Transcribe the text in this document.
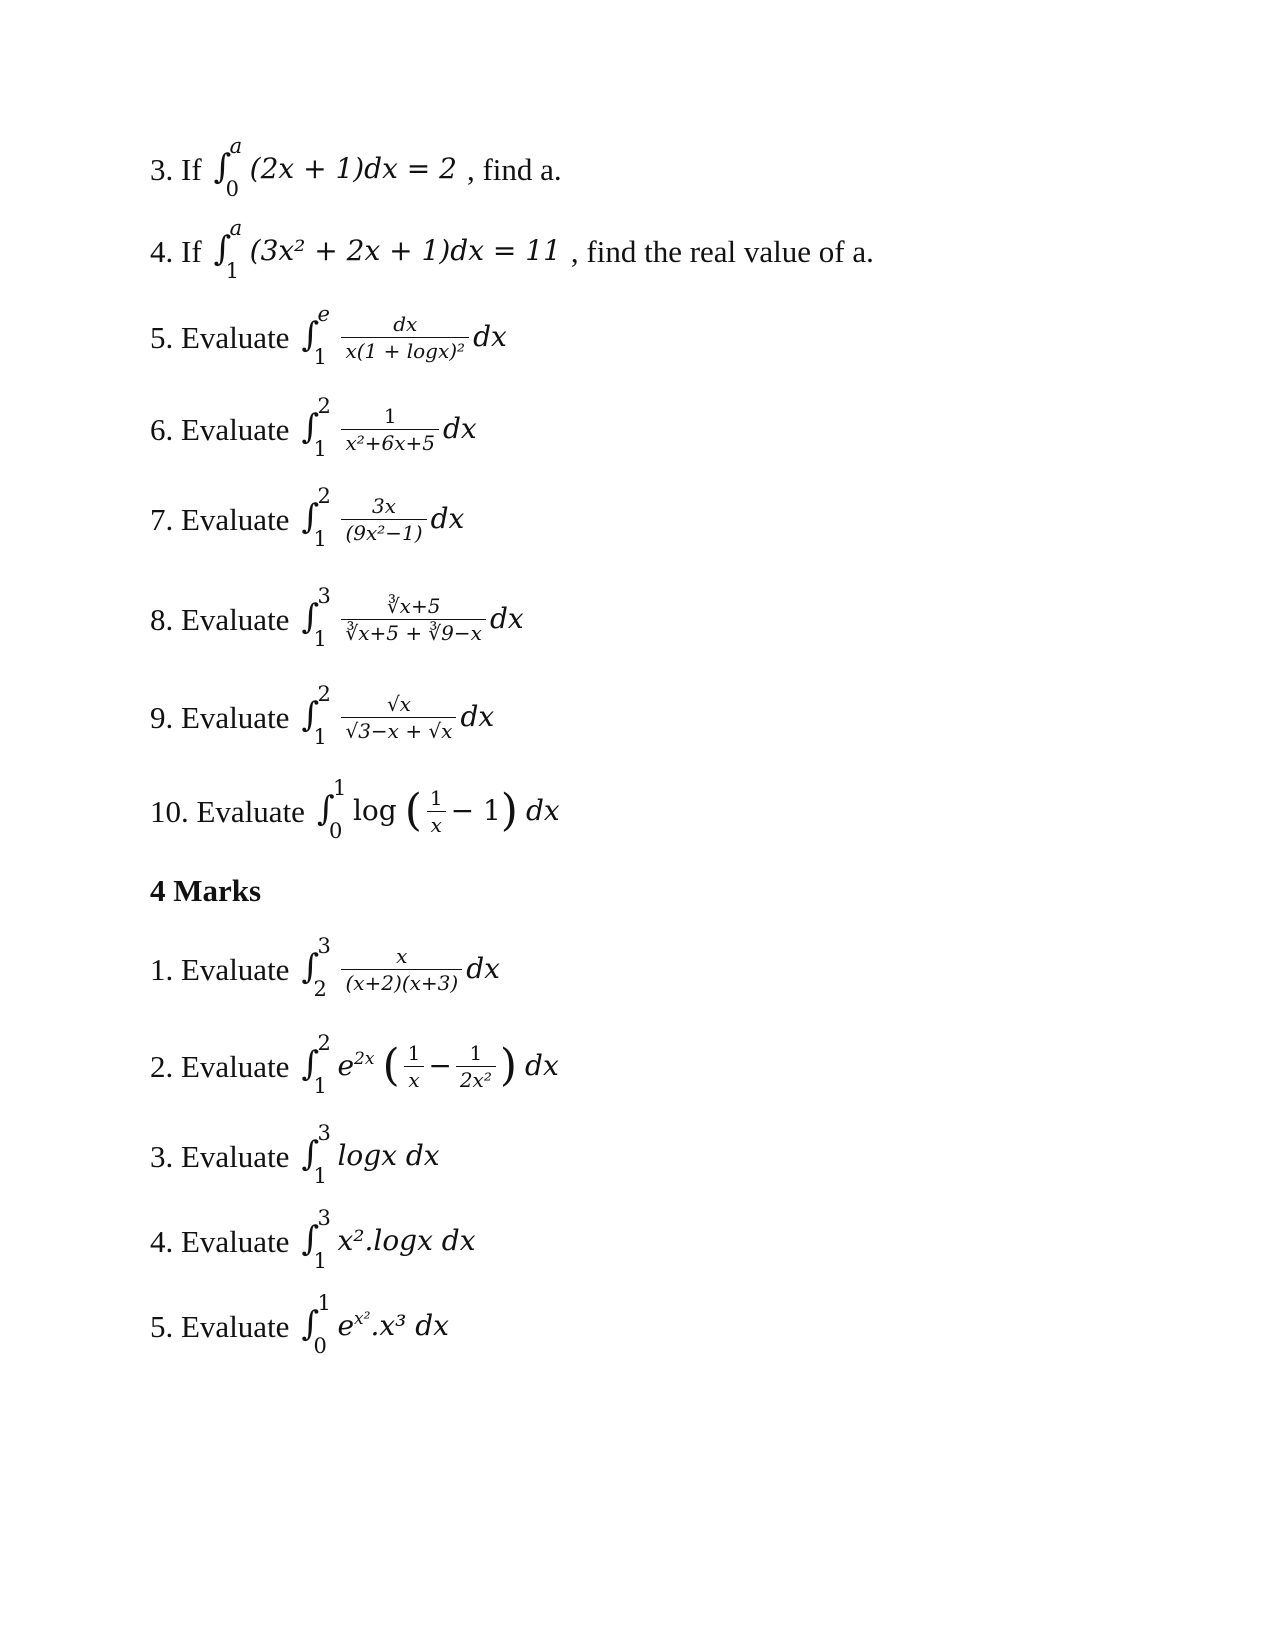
3. If ∫
a
0
(2x + 1)dx = 2 , find a.
4. If ∫
a
1
(3x² + 2x + 1)dx = 11 , find the real value of a.
5. Evaluate ∫
e
$1 \frac{dx}{\text{x(1 + logx)²}}$ dx
6. Evaluate ∫
2
$1 \frac{1}{\text{x²+6x+5}}$ dx
7. Evaluate ∫
2
$1 \frac{3x}{\text{(9x²−1)}}$ dx
8. Evaluate ∫
3
$1 \frac{∛x+5}{∛x+5 + ∛9-x}$ dx
9. Evaluate ∫
2
$1 \frac{√x}{√3-x + √x}$ dx
10. Evaluate ∫
1
0
log ( $\frac{1}{x} - 1$ ) dx
4 Marks
1. Evaluate ∫
3
$2 \frac{x}{(x+2)(x+3)}$ dx
2. Evaluate ∫
2
1
e $^{2x}$ ( $\frac{1}{x} - \frac{1}{\text{2x²}}$ ) dx
3. Evaluate ∫
3
1
logx dx
4. Evaluate ∫
3
1
x².logx dx
5. Evaluate ∫
1
0
e $^{x^2}$ .x³ dx
